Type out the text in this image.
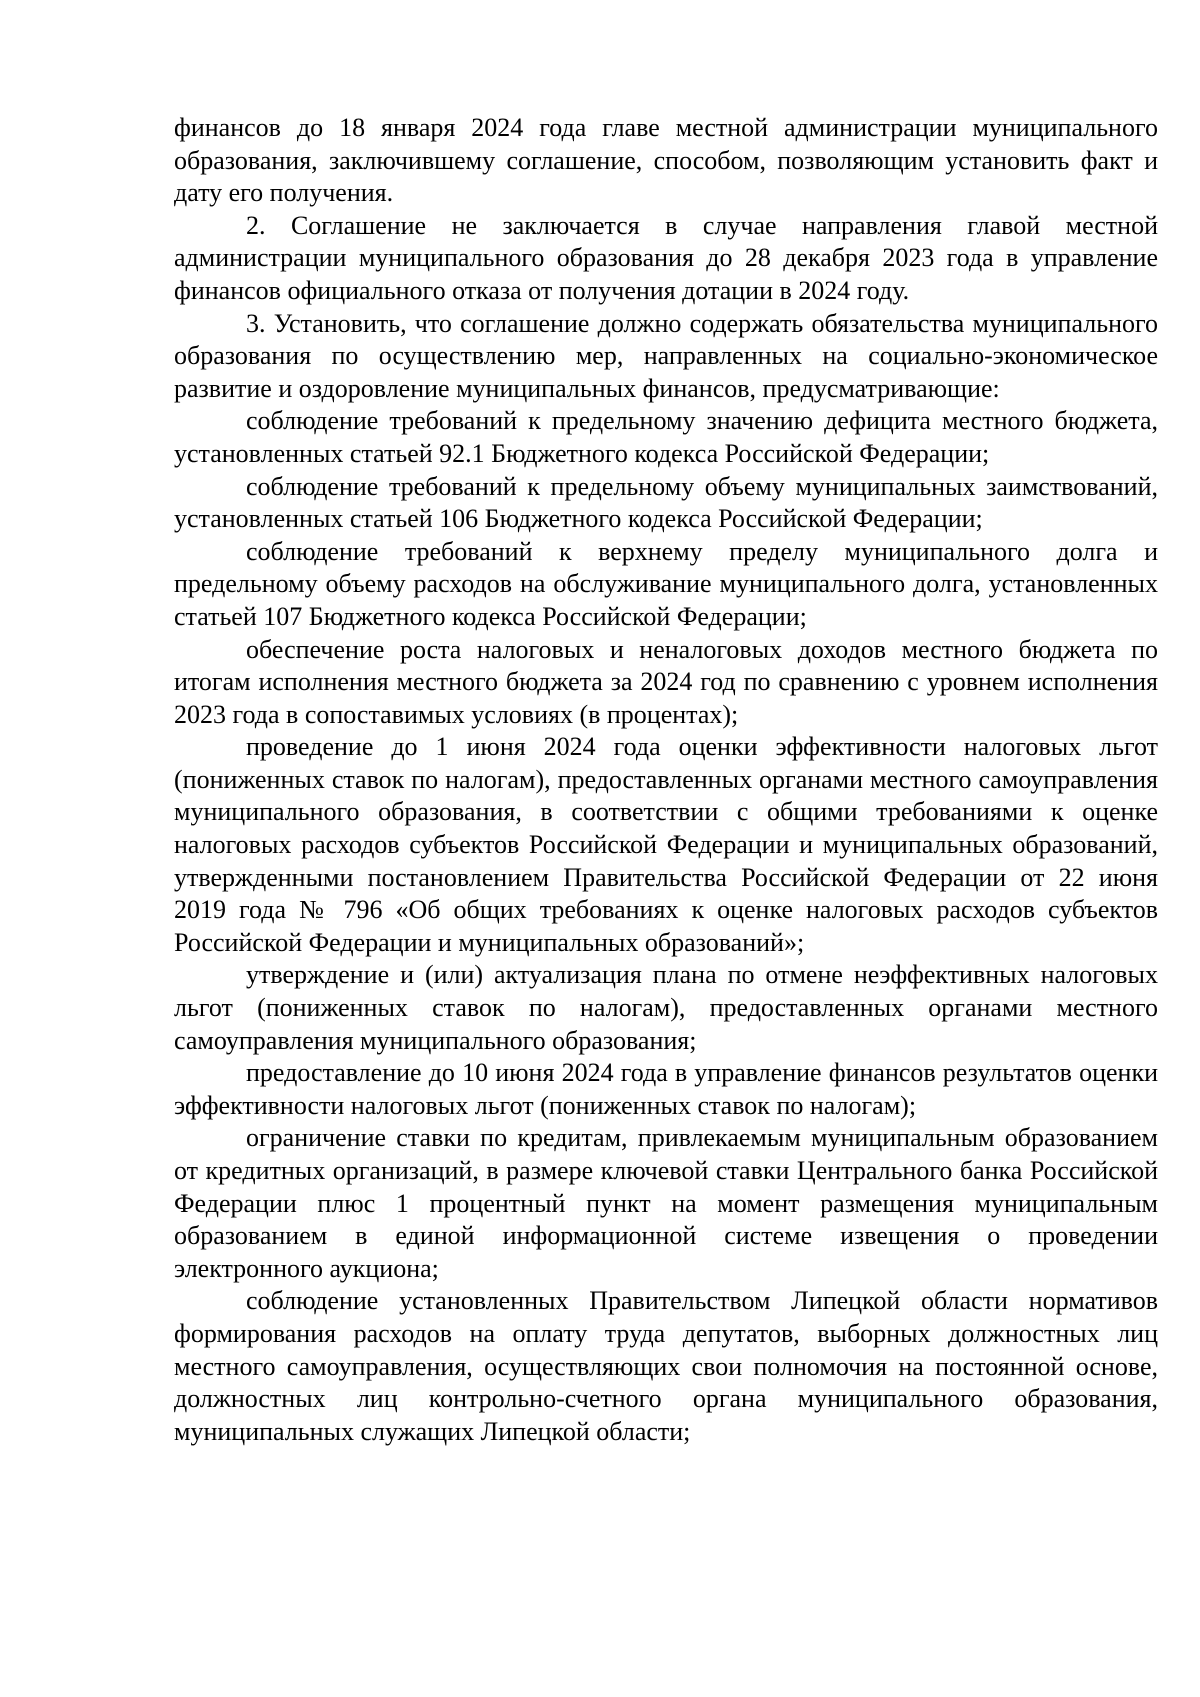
финансов до 18 января 2024 года главе местной администрации муниципального образования, заключившему соглашение, способом, позволяющим установить факт и дату его получения.

2. Соглашение не заключается в случае направления главой местной администрации муниципального образования до 28 декабря 2023 года в управление финансов официального отказа от получения дотации в 2024 году.

3. Установить, что соглашение должно содержать обязательства муниципального образования по осуществлению мер, направленных на социально-экономическое развитие и оздоровление муниципальных финансов, предусматривающие:

соблюдение требований к предельному значению дефицита местного бюджета, установленных статьей 92.1 Бюджетного кодекса Российской Федерации;

соблюдение требований к предельному объему муниципальных заимствований, установленных статьей 106 Бюджетного кодекса Российской Федерации;

соблюдение требований к верхнему пределу муниципального долга и предельному объему расходов на обслуживание муниципального долга, установленных статьей 107 Бюджетного кодекса Российской Федерации;

обеспечение роста налоговых и неналоговых доходов местного бюджета по итогам исполнения местного бюджета за 2024 год по сравнению с уровнем исполнения 2023 года в сопоставимых условиях (в процентах);

проведение до 1 июня 2024 года оценки эффективности налоговых льгот (пониженных ставок по налогам), предоставленных органами местного самоуправления муниципального образования, в соответствии с общими требованиями к оценке налоговых расходов субъектов Российской Федерации и муниципальных образований, утвержденными постановлением Правительства Российской Федерации от 22 июня 2019 года № 796 «Об общих требованиях к оценке налоговых расходов субъектов Российской Федерации и муниципальных образований»;

утверждение и (или) актуализация плана по отмене неэффективных налоговых льгот (пониженных ставок по налогам), предоставленных органами местного самоуправления муниципального образования;

предоставление до 10 июня 2024 года в управление финансов результатов оценки эффективности налоговых льгот (пониженных ставок по налогам);

ограничение ставки по кредитам, привлекаемым муниципальным образованием от кредитных организаций, в размере ключевой ставки Центрального банка Российской Федерации плюс 1 процентный пункт на момент размещения муниципальным образованием в единой информационной системе извещения о проведении электронного аукциона;

соблюдение установленных Правительством Липецкой области нормативов формирования расходов на оплату труда депутатов, выборных должностных лиц местного самоуправления, осуществляющих свои полномочия на постоянной основе, должностных лиц контрольно-счетного органа муниципального образования, муниципальных служащих Липецкой области;
